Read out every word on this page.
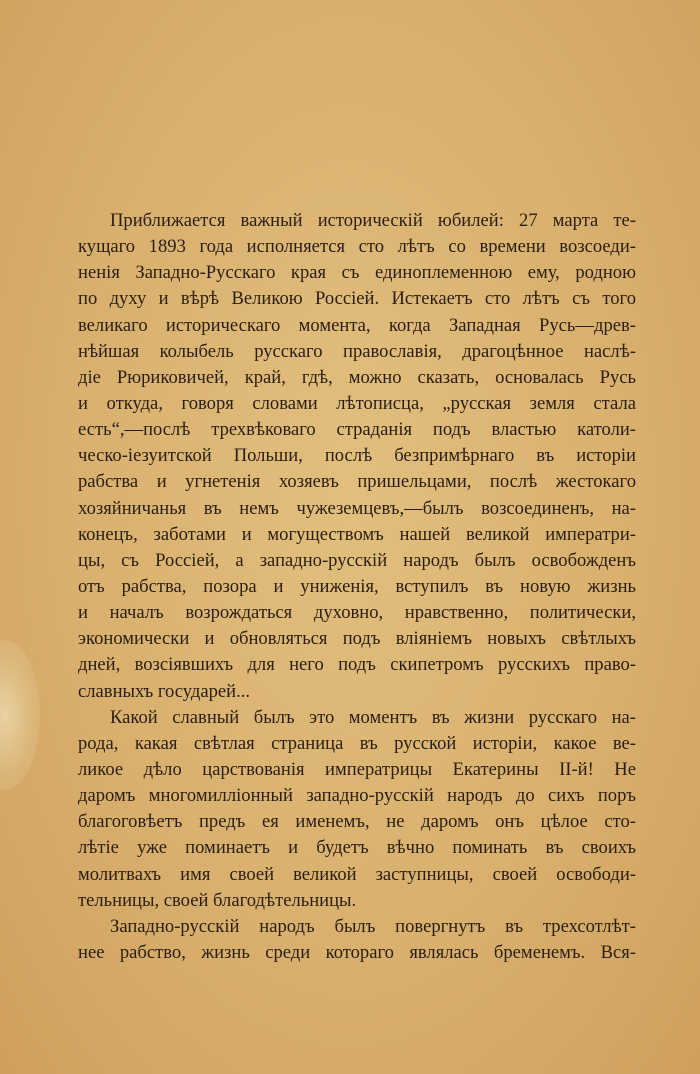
Приближается важный историческій юбилей: 27 марта те-
кущаго 1893 года исполняется сто лѣтъ со времени возсоеди-
ненія Западно-Русскаго края съ единоплеменною ему, родною
по духу и вѣрѣ Великою Россіей. Истекаетъ сто лѣтъ съ того
великаго историческаго момента, когда Западная Русь—древ-
нѣйшая колыбель русскаго православія, драгоцѣнное наслѣ-
діе Рюриковичей, край, гдѣ, можно сказать, основалась Русь
и откуда, говоря словами лѣтописца, „русская земля стала
есть“,—послѣ трехвѣковаго страданія подъ властью католи-
ческо-іезуитской Польши, послѣ безпримѣрнаго въ исторіи
рабства и угнетенія хозяевъ пришельцами, послѣ жестокаго
хозяйничанья въ немъ чужеземцевъ,—былъ возсоединенъ, на-
конецъ, заботами и могуществомъ нашей великой императри-
цы, съ Россіей, а западно-русскій народъ былъ освобожденъ
отъ рабства, позора и униженія, вступилъ въ новую жизнь
и началъ возрождаться духовно, нравственно, политически,
экономически и обновляться подъ вліяніемъ новыхъ свѣтлыхъ
дней, возсіявшихъ для него подъ скипетромъ русскихъ право-
славныхъ государей...
Какой славный былъ это моментъ въ жизни русскаго на-
рода, какая свѣтлая страница въ русской исторіи, какое ве-
ликое дѣло царствованія императрицы Екатерины II-й! Не
даромъ многомилліонный западно-русскій народъ до сихъ поръ
благоговѣетъ предъ ея именемъ, не даромъ онъ цѣлое сто-
лѣтіе уже поминаетъ и будетъ вѣчно поминать въ своихъ
молитвахъ имя своей великой заступницы, своей освободи-
тельницы, своей благодѣтельницы.
Западно-русскій народъ былъ повергнутъ въ трехсотлѣт-
нее рабство, жизнь среди котораго являлась бременемъ. Вся-
